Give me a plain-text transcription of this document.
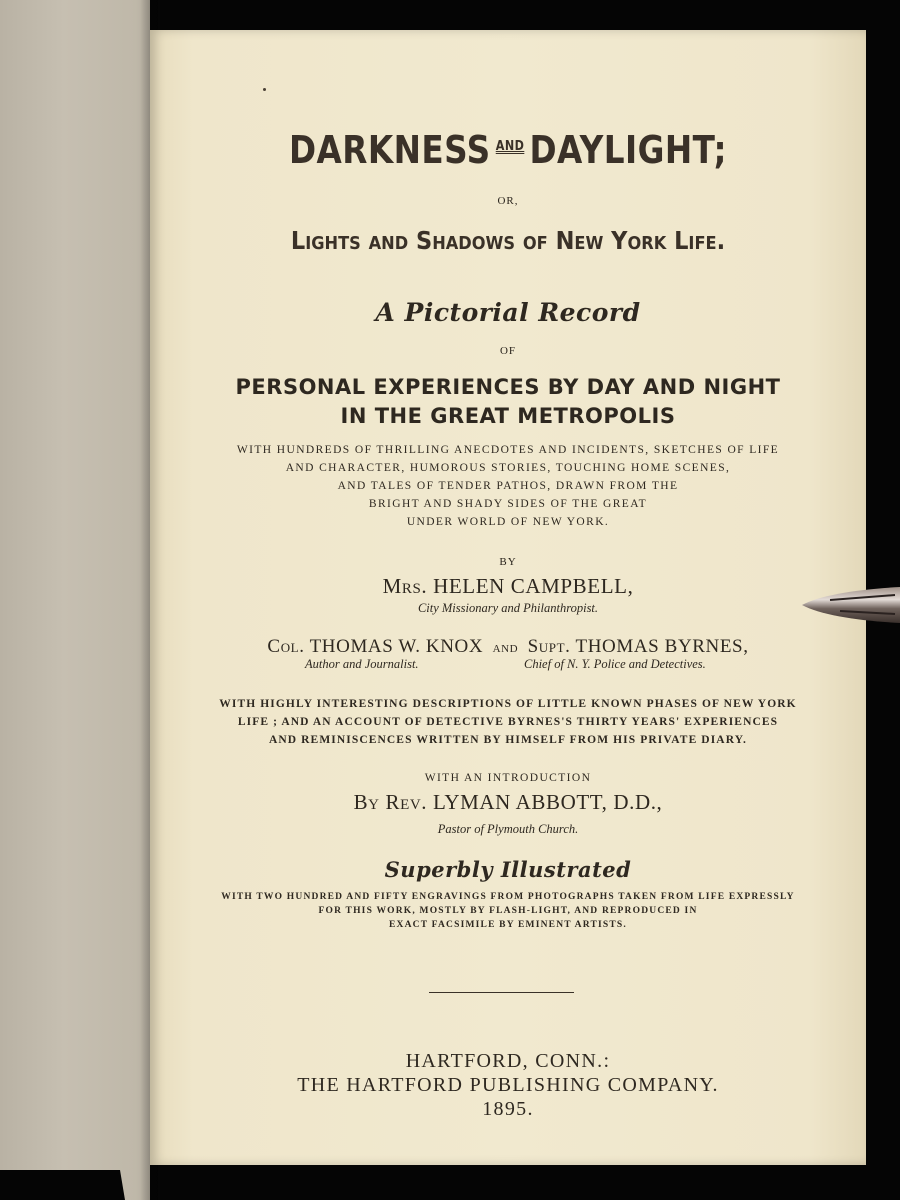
DARKNESS AND DAYLIGHT;
OR,
Lights and Shadows of New York Life.
A Pictorial Record
OF
PERSONAL EXPERIENCES BY DAY AND NIGHT
IN THE GREAT METROPOLIS
WITH HUNDREDS OF THRILLING ANECDOTES AND INCIDENTS, SKETCHES OF LIFE
AND CHARACTER, HUMOROUS STORIES, TOUCHING HOME SCENES,
AND TALES OF TENDER PATHOS, DRAWN FROM THE
BRIGHT AND SHADY SIDES OF THE GREAT
UNDER WORLD OF NEW YORK.
BY
Mrs. HELEN CAMPBELL,
City Missionary and Philanthropist.
Col. THOMAS W. KNOX and Supt. THOMAS BYRNES,
Author and Journalist.	Chief of N. Y. Police and Detectives.
WITH HIGHLY INTERESTING DESCRIPTIONS OF LITTLE KNOWN PHASES OF NEW YORK
LIFE ; AND AN ACCOUNT OF DETECTIVE BYRNES'S THIRTY YEARS' EXPERIENCES
AND REMINISCENCES WRITTEN BY HIMSELF FROM HIS PRIVATE DIARY.
WITH AN INTRODUCTION
By Rev. LYMAN ABBOTT, D.D.,
Pastor of Plymouth Church.
Superbly Illustrated
WITH TWO HUNDRED AND FIFTY ENGRAVINGS FROM PHOTOGRAPHS TAKEN FROM LIFE EXPRESSLY
FOR THIS WORK, MOSTLY BY FLASH-LIGHT, AND REPRODUCED IN
EXACT FACSIMILE BY EMINENT ARTISTS.
HARTFORD, CONN.:
THE HARTFORD PUBLISHING COMPANY.
1895.
